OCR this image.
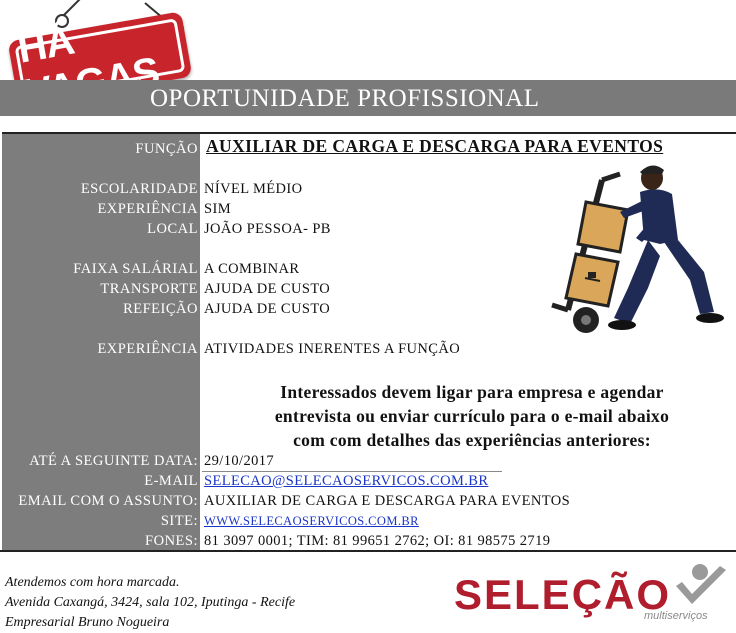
HÁ
OPORTUNIDADE PROFISSIONAL
FUNÇÃO AUXILIAR DE CARGA E DESCARGA PARA EVENTOS
ESCOLARIDADE NÍVEL MÉDIO
EXPERIÊNCIA SIM
LOCAL JOÃO PESSOA- PB
FAIXA SALÁRIAL A COMBINAR
TRANSPORTE AJUDA DE CUSTO
REFEIÇÃO AJUDA DE CUSTO
EXPERIÊNCIA ATIVIDADES INERENTES A FUNÇÃO
Interessados devem ligar para empresa e agendar
entrevista ou enviar currículo para o e-mail abaixo
com com detalhes das experiências anteriores:
ATÉ A SEGUINTE DATA: 29/10/2017
E-MAIL SELECAO@SELECAOSERVICOS.COM.BR
EMAIL COM O ASSUNTO: AUXILIAR DE CARGA E DESCARGA PARA EVENTOS
SITE: WWW.SELECAOSERVICOS.COM.BR
FONES: 81 3097 0001; TIM: 81 99651 2762; OI: 81 98575 2719
Atendemos com hora marcada.
Avenida Caxangá, 3424, sala 102, Iputinga - Recife
Empresarial Bruno Nogueira
SELEÇÃO
multiserviços
